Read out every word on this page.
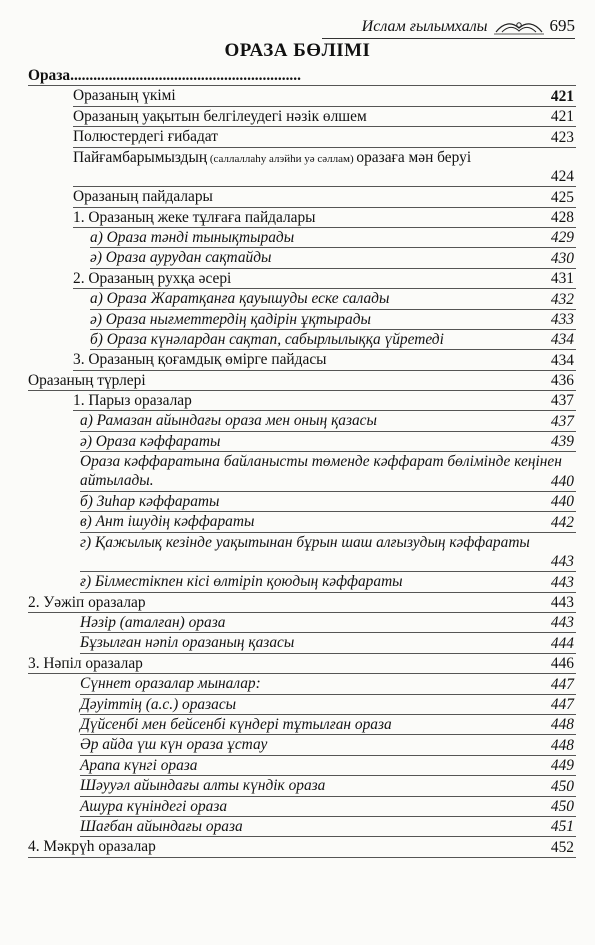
Ислам ғылымхалы	695
ОРАЗА БӨЛІМІ
Ораза............................................................
Оразаның үкімі	421
Оразаның уақытын белгілеудегі нәзік өлшем	421
Полюстердегі ғибадат	423
Пайғамбарымыздың (саллаллаһу алэйһи уә сәллам) оразаға мән беруі
424
Оразаның пайдалары	425
1. Оразаның жеке тұлғаға пайдалары	428
а) Ораза тәнді тынықтырады	429
ә) Ораза аурудан сақтайды	430
2. Оразаның рухқа әсері	431
а) Ораза Жаратқанға қауышуды еске салады	432
ә) Ораза нығметтердің қадірін ұқтырады	433
б) Ораза күнәлардан сақтап, сабырлылыққа үйретеді	434
3. Оразаның қоғамдық өмірге пайдасы	434
Оразаның түрлері	436
1. Парыз оразалар	437
а) Рамазан айындағы ораза мен оның қазасы	437
ә) Ораза кәффараты	439
Ораза кәффаратына байланысты төменде кәффарат бөлімінде кеңінен айтылады.	440
б) Зиһар кәффараты	440
в) Ант ішудің кәффараты	442
г) Қажылық кезінде уақытынан бұрын шаш алғызудың кәффараты
443
ғ) Білместікпен кісі өлтіріп қоюдың кәффараты	443
2. Уәжіп оразалар	443
Нәзір (аталған) ораза	443
Бұзылған нәпіл оразаның қазасы	444
3. Нәпіл оразалар	446
Сүннет оразалар мыналар:	447
Дәуіттің (а.с.) оразасы	447
Дүйсенбі мен бейсенбі күндері тұтылған ораза	448
Әр айда үш күн ораза ұстау	448
Арапа күнгі ораза	449
Шәууәл айындағы алты күндік ораза	450
Ашура күніндегі ораза	450
Шағбан айындағы ораза	451
4. Мәкрүһ оразалар	452
